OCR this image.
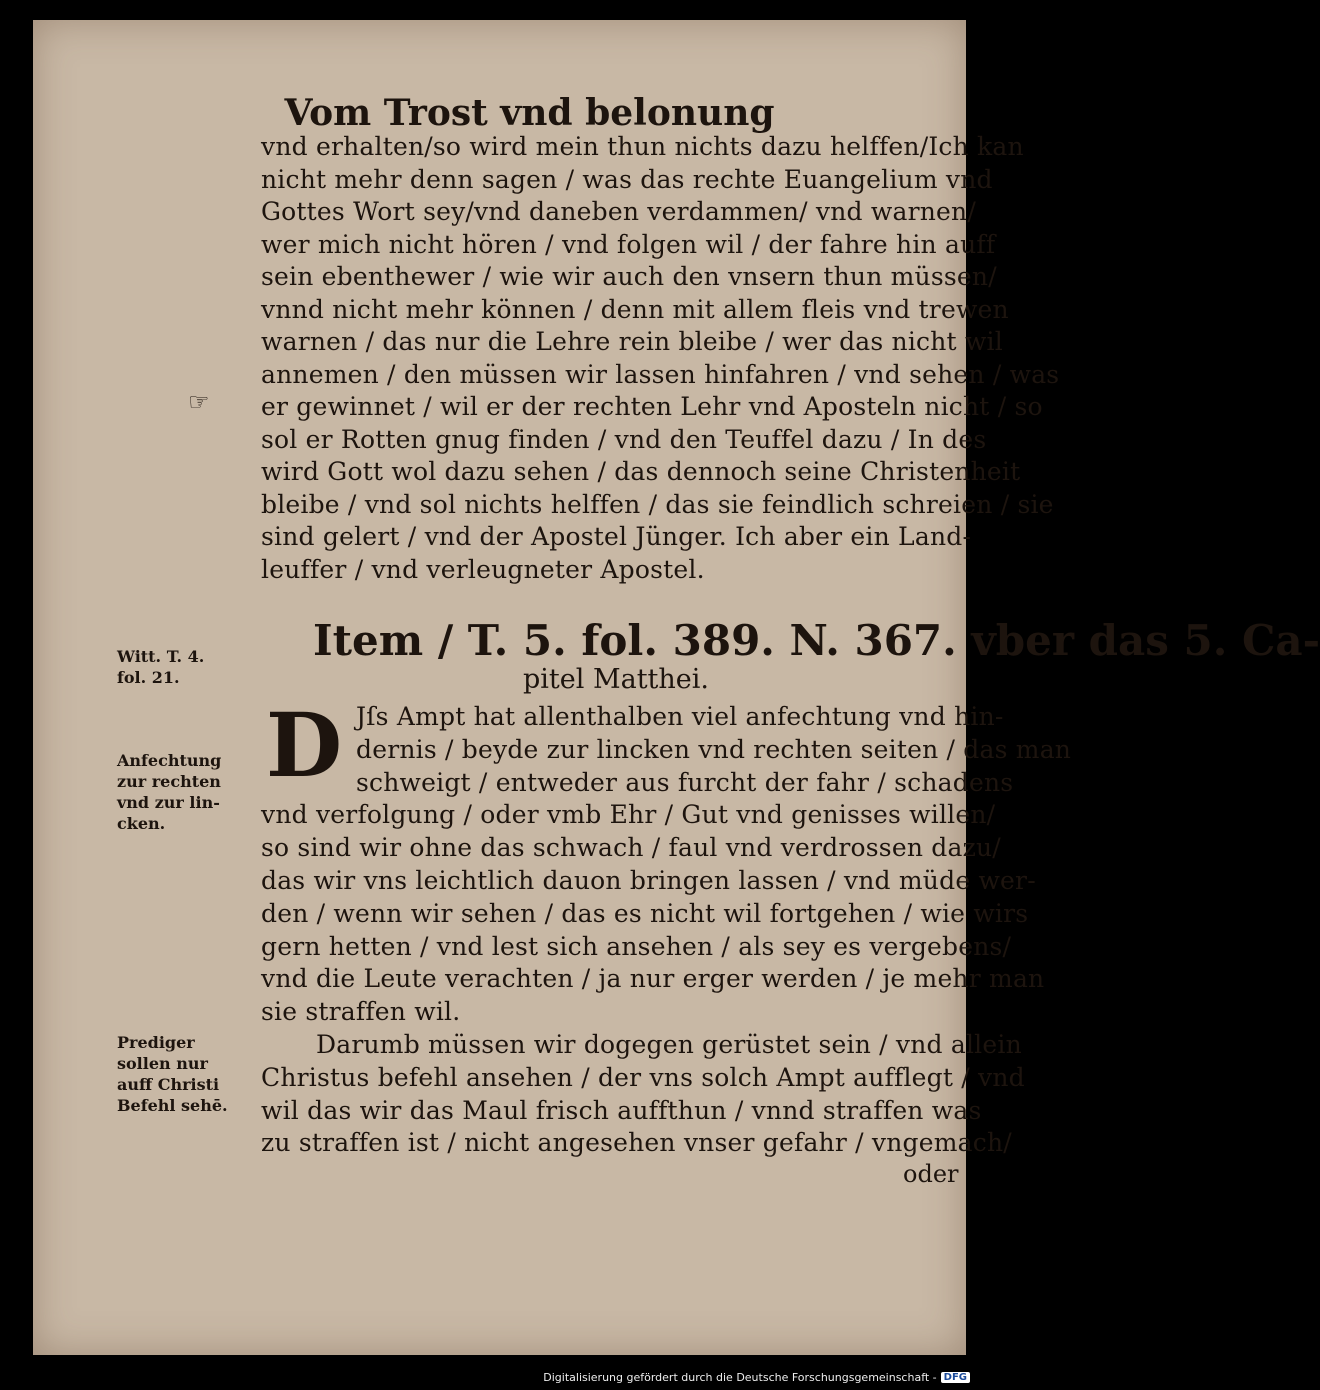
Vom Trost vnd belonung
vnd erhalten/so wird mein thun nichts dazu helffen/Ich kan
nicht mehr denn sagen / was das rechte Euangelium vnd
Gottes Wort sey/vnd daneben verdammen/ vnd warnen/
wer mich nicht hören / vnd folgen wil / der fahre hin auff
sein ebenthewer / wie wir auch den vnsern thun müssen/
vnnd nicht mehr können / denn mit allem fleis vnd trewen
warnen / das nur die Lehre rein bleibe / wer das nicht wil
annemen / den müssen wir lassen hinfahren / vnd sehen / was
er gewinnet / wil er der rechten Lehr vnd Aposteln nicht / so
sol er Rotten gnug finden / vnd den Teuffel dazu / In des
wird Gott wol dazu sehen / das dennoch seine Christenheit
bleibe / vnd sol nichts helffen / das sie feindlich schreien / sie
sind gelert / vnd der Apostel Jünger. Ich aber ein Land-
leuffer / vnd verleugneter Apostel.
☞
Witt. T. 4.
fol. 21.
Item / T. 5. fol. 389. N. 367. vber das 5. Ca-
pitel Matthei.
D
Anfechtung
zur rechten
vnd zur lin-
cken.
Jſs Ampt hat allenthalben viel anfechtung vnd hin-
dernis / beyde zur lincken vnd rechten seiten / das man
schweigt / entweder aus furcht der fahr / schadens
vnd verfolgung / oder vmb Ehr / Gut vnd genisses willen/
so sind wir ohne das schwach / faul vnd verdrossen dazu/
das wir vns leichtlich dauon bringen lassen / vnd müde wer-
den / wenn wir sehen / das es nicht wil fortgehen / wie wirs
gern hetten / vnd lest sich ansehen / als sey es vergebens/
vnd die Leute verachten / ja nur erger werden / je mehr man
sie straffen wil.
Darumb müssen wir dogegen gerüstet sein / vnd allein
Christus befehl ansehen / der vns solch Ampt aufflegt / vnd
wil das wir das Maul frisch auffthun / vnnd straffen was
zu straffen ist / nicht angesehen vnser gefahr / vngemach/
Prediger
sollen nur
auff Christi
Befehl sehē.
oder
Digitalisierung gefördert durch die Deutsche Forschungsgemeinschaft - DFG
